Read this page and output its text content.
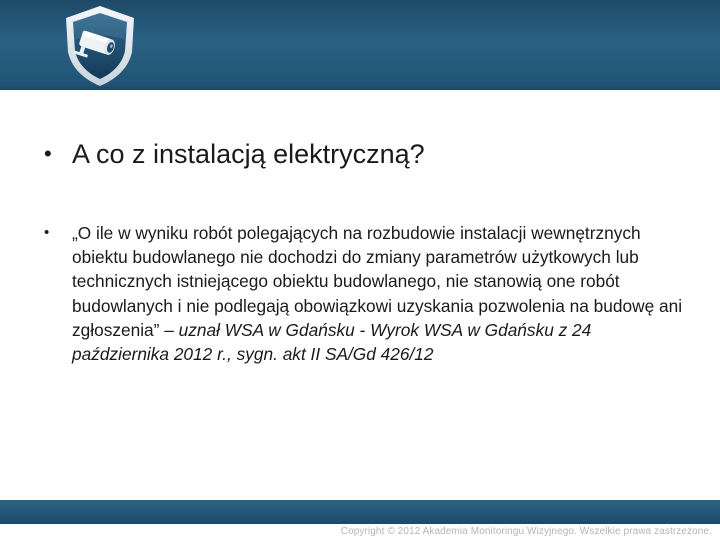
• A co z instalacją elektryczną?
•	„O ile w wyniku robót polegających na rozbudowie instalacji wewnętrznych obiektu budowlanego nie dochodzi do zmiany parametrów użytkowych lub technicznych istniejącego obiektu budowlanego, nie stanowią one robót budowlanych i nie podlegają obowiązkowi uzyskania pozwolenia na budowę ani zgłoszenia” – uznał WSA w Gdańsku - Wyrok WSA w Gdańsku z 24 października 2012 r., sygn. akt II SA/Gd 426/12
Copyright © 2012 Akademia Monitoringu Wizyjnego. Wszelkie prawa zastrzeżone.
